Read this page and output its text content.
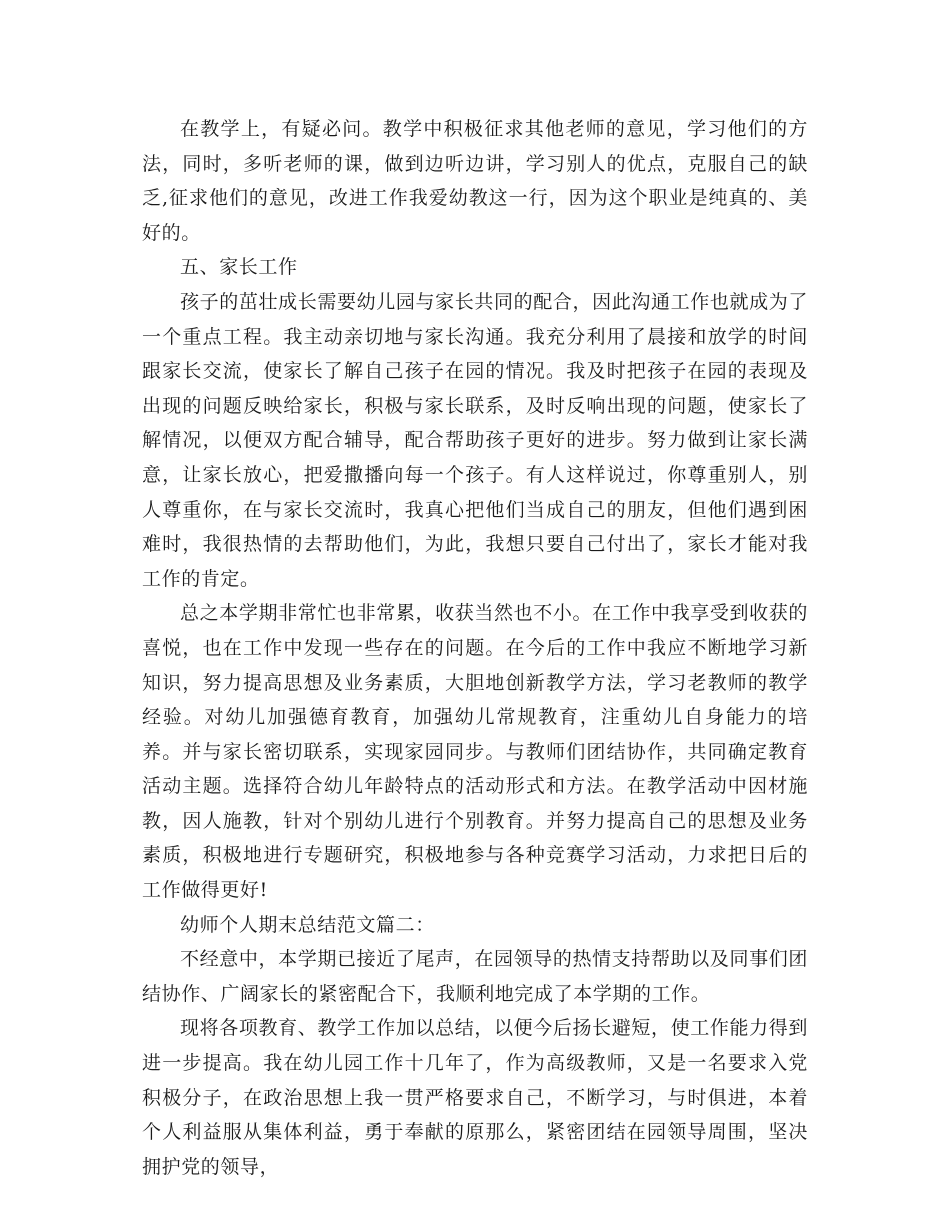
在教学上，有疑必问。教学中积极征求其他老师的意见，学习他们的方法，同时，多听老师的课，做到边听边讲，学习别人的优点，克服自己的缺乏,征求他们的意见，改进工作我爱幼教这一行，因为这个职业是纯真的、美好的。

五、家长工作

孩子的茁壮成长需要幼儿园与家长共同的配合，因此沟通工作也就成为了一个重点工程。我主动亲切地与家长沟通。我充分利用了晨接和放学的时间跟家长交流，使家长了解自己孩子在园的情况。我及时把孩子在园的表现及出现的问题反映给家长，积极与家长联系，及时反响出现的问题，使家长了解情况，以便双方配合辅导，配合帮助孩子更好的进步。努力做到让家长满意，让家长放心，把爱撒播向每一个孩子。有人这样说过，你尊重别人，别人尊重你，在与家长交流时，我真心把他们当成自己的朋友，但他们遇到困难时，我很热情的去帮助他们，为此，我想只要自己付出了，家长才能对我工作的肯定。

总之本学期非常忙也非常累，收获当然也不小。在工作中我享受到收获的喜悦，也在工作中发现一些存在的问题。在今后的工作中我应不断地学习新知识，努力提高思想及业务素质，大胆地创新教学方法，学习老教师的教学经验。对幼儿加强德育教育，加强幼儿常规教育，注重幼儿自身能力的培养。并与家长密切联系，实现家园同步。与教师们团结协作，共同确定教育活动主题。选择符合幼儿年龄特点的活动形式和方法。在教学活动中因材施教，因人施教，针对个别幼儿进行个别教育。并努力提高自己的思想及业务素质，积极地进行专题研究，积极地参与各种竞赛学习活动，力求把日后的工作做得更好!

幼师个人期末总结范文篇二：

不经意中，本学期已接近了尾声，在园领导的热情支持帮助以及同事们团结协作、广阔家长的紧密配合下，我顺利地完成了本学期的工作。

现将各项教育、教学工作加以总结，以便今后扬长避短，使工作能力得到进一步提高。我在幼儿园工作十几年了，作为高级教师，又是一名要求入党积极分子，在政治思想上我一贯严格要求自己，不断学习，与时俱进，本着个人利益服从集体利益，勇于奉献的原那么，紧密团结在园领导周围，坚决拥护党的领导，
